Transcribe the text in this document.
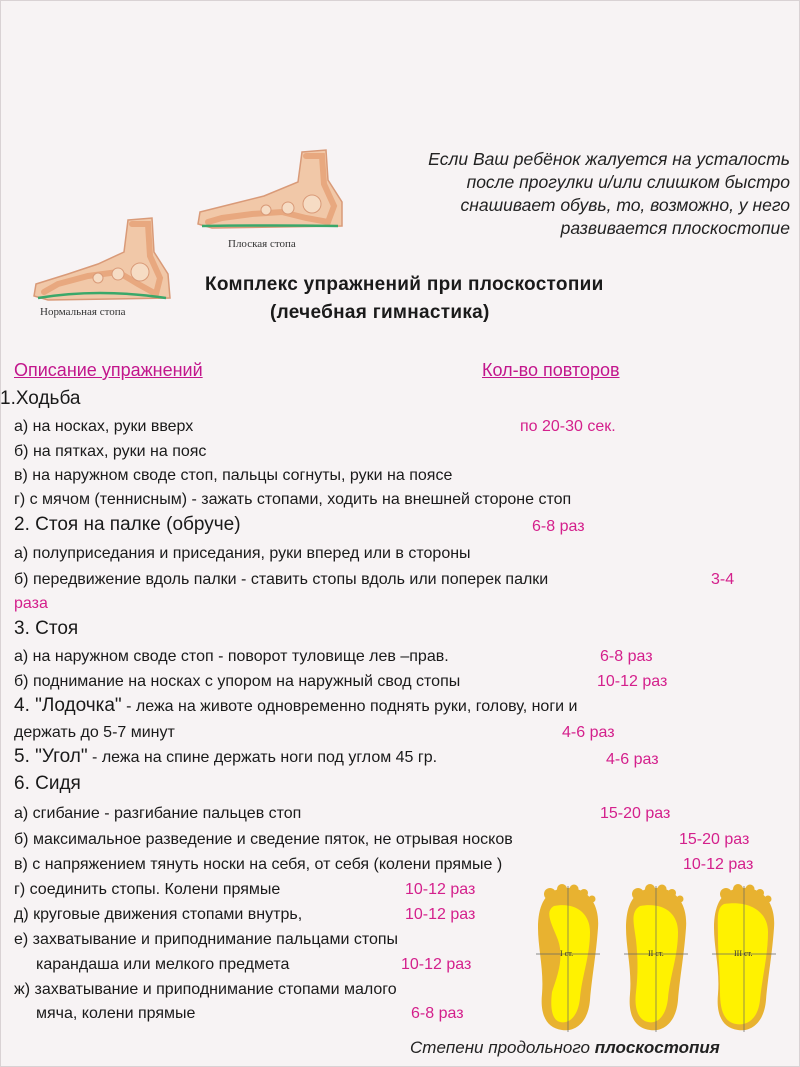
Если Ваш ребёнок жалуется на усталость
после прогулки и/или слишком быстро
снашивает обувь, то, возможно, у него
развивается плоскостопие
Нормальная стопа
Плоская стопа
Комплекс упражнений при плоскостопии
(лечебная гимнастика)
Описание упражнений	Кол-во повторов
1.Ходьба
а) на носках, руки вверх	по 20-30 сек.
б) на пятках, руки на пояс
в) на наружном своде стоп, пальцы согнуты, руки на поясе
г) с мячом (теннисным) - зажать стопами, ходить на внешней стороне стоп
2. Стоя на палке (обруче)	6-8 раз
а) полуприседания и приседания, руки вперед или в стороны
б) передвижение вдоль палки - ставить стопы вдоль или поперек палки	3-4
раза
3. Стоя
а) на наружном своде стоп - поворот туловище лев –прав.	6-8 раз
б) поднимание на носках с упором на наружный свод стопы	10-12 раз
4. "Лодочка" - лежа на животе одновременно поднять руки, голову, ноги и
держать до 5-7 минут	4-6 раз
5. "Угол" - лежа на спине держать ноги под углом 45 гр.	4-6 раз
6. Сидя
а) сгибание - разгибание пальцев стоп	15-20 раз
б) максимальное разведение и сведение пяток, не отрывая носков	15-20 раз
в) с напряжением тянуть носки на себя, от себя (колени прямые )	10-12 раз
г) соединить стопы. Колени прямые	10-12 раз
д) круговые движения стопами внутрь,	10-12 раз
е) захватывание и приподнимание пальцами стопы
карандаша или мелкого предмета	10-12 раз
ж) захватывание и приподнимание стопами малого
мяча, колени прямые	6-8 раз
I ст.	II ст.	III ст.
Степени продольного плоскостопия
